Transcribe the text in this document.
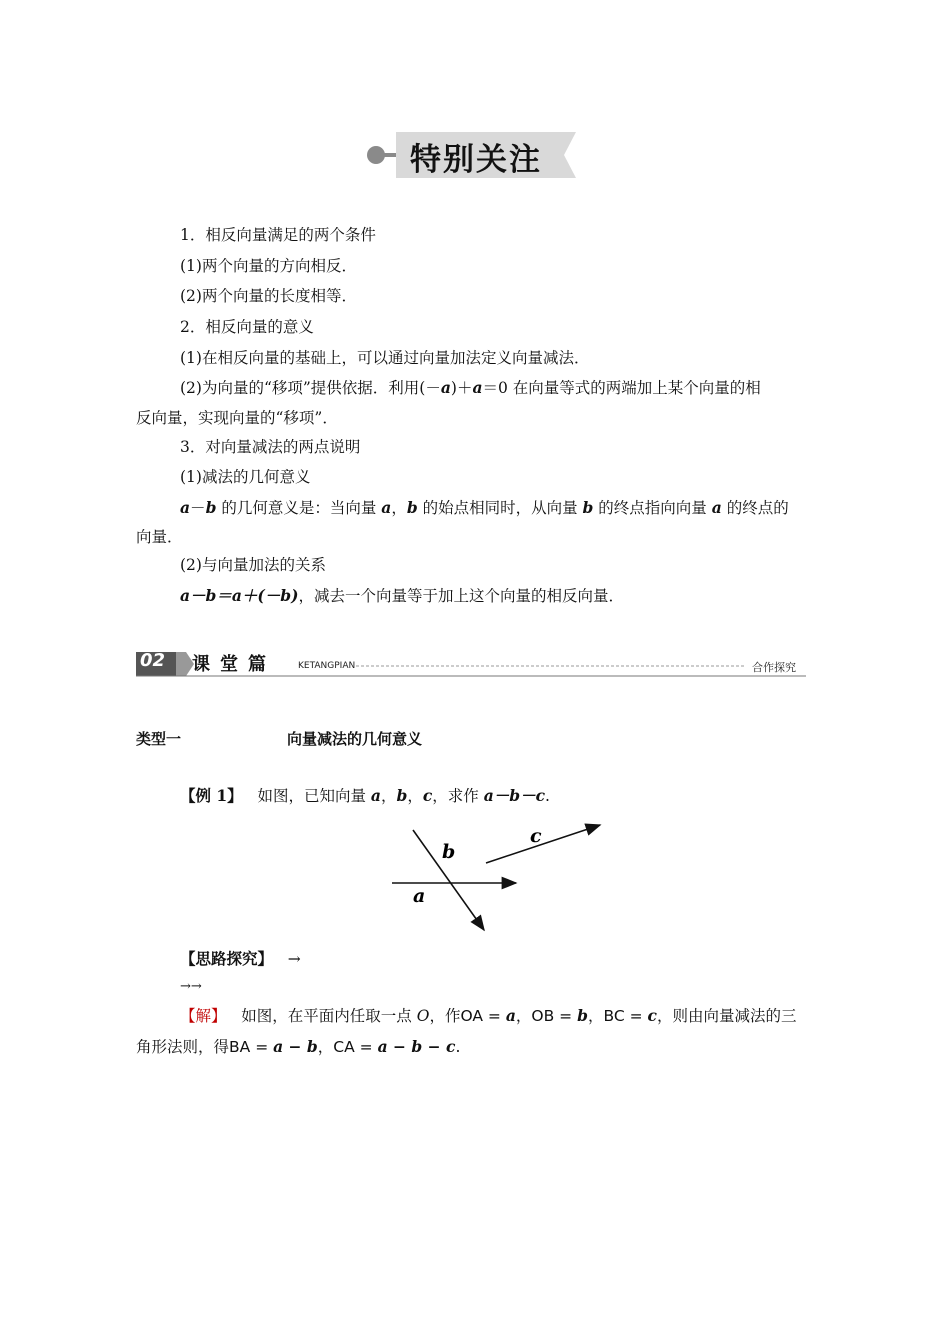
特别关注
1．相反向量满足的两个条件
(1)两个向量的方向相反．
(2)两个向量的长度相等．
2．相反向量的意义
(1)在相反向量的基础上，可以通过向量加法定义向量减法．
(2)为向量的“移项”提供依据．利用(－a)＋a＝0 在向量等式的两端加上某个向量的相
反向量，实现向量的“移项”．
3．对向量减法的两点说明
(1)减法的几何意义
a－b 的几何意义是：当向量 a，b 的始点相同时，从向量 b 的终点指向向量 a 的终点的
向量．
(2)与向量加法的关系
a－b＝a＋(－b)，减去一个向量等于加上这个向量的相反向量．
02 课堂篇 KETANGPIAN	合作探究
类型一	向量减法的几何意义
【例 1】 如图，已知向量 a，b，c，求作 a－b－c.
a
b
c
【思路探究】 →
→→
【解】 如图，在平面内任取一点 O，作OA = a，OB = b，BC = c，则由向量减法的三
角形法则，得BA = a − b，CA = a − b − c.
